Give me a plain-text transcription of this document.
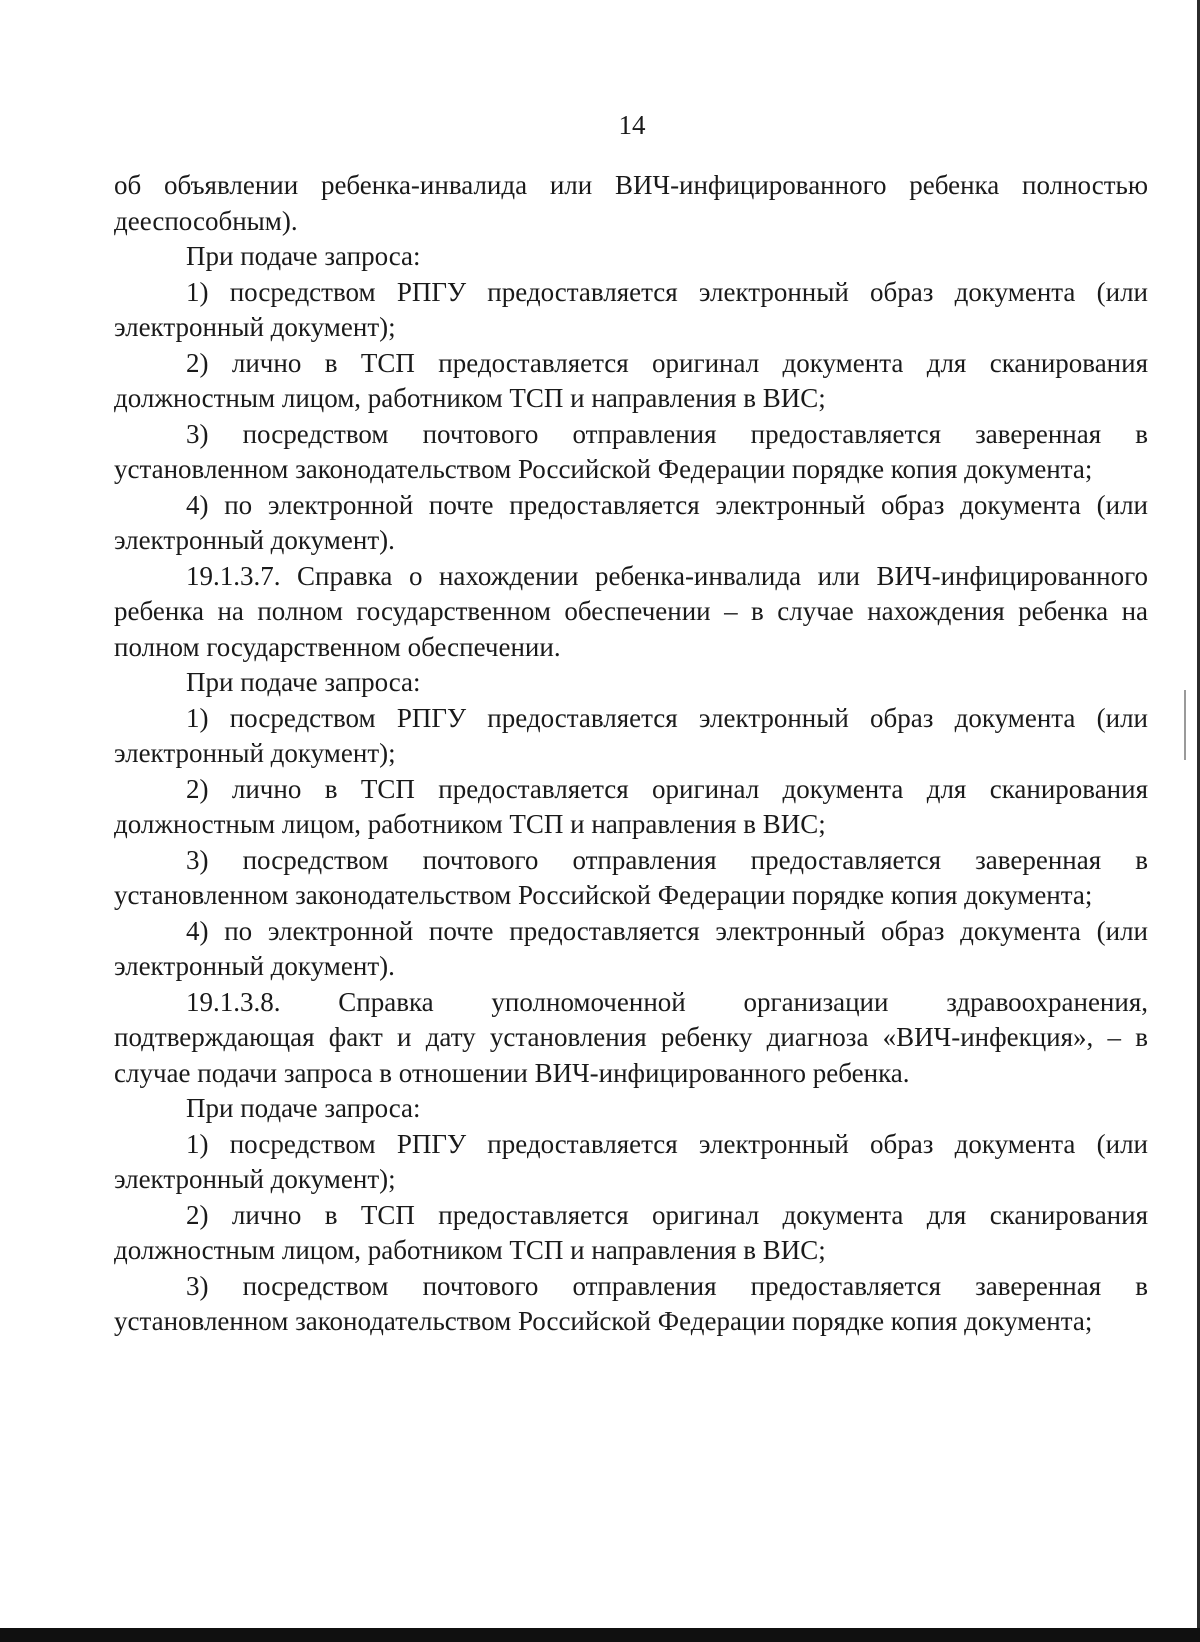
14

об объявлении ребенка-инвалида или ВИЧ-инфицированного ребенка полностью дееспособным).

При подаче запроса:

1) посредством РПГУ предоставляется электронный образ документа (или электронный документ);

2) лично в ТСП предоставляется оригинал документа для сканирования должностным лицом, работником ТСП и направления в ВИС;

3) посредством почтового отправления предоставляется заверенная в установленном законодательством Российской Федерации порядке копия документа;

4) по электронной почте предоставляется электронный образ документа (или электронный документ).

19.1.3.7. Справка о нахождении ребенка-инвалида или ВИЧ-инфицированного ребенка на полном государственном обеспечении – в случае нахождения ребенка на полном государственном обеспечении.

При подаче запроса:

1) посредством РПГУ предоставляется электронный образ документа (или электронный документ);

2) лично в ТСП предоставляется оригинал документа для сканирования должностным лицом, работником ТСП и направления в ВИС;

3) посредством почтового отправления предоставляется заверенная в установленном законодательством Российской Федерации порядке копия документа;

4) по электронной почте предоставляется электронный образ документа (или электронный документ).

19.1.3.8. Справка уполномоченной организации здравоохранения, подтверждающая факт и дату установления ребенку диагноза «ВИЧ-инфекция», – в случае подачи запроса в отношении ВИЧ-инфицированного ребенка.

При подаче запроса:

1) посредством РПГУ предоставляется электронный образ документа (или электронный документ);

2) лично в ТСП предоставляется оригинал документа для сканирования должностным лицом, работником ТСП и направления в ВИС;

3) посредством почтового отправления предоставляется заверенная в установленном законодательством Российской Федерации порядке копия документа;
